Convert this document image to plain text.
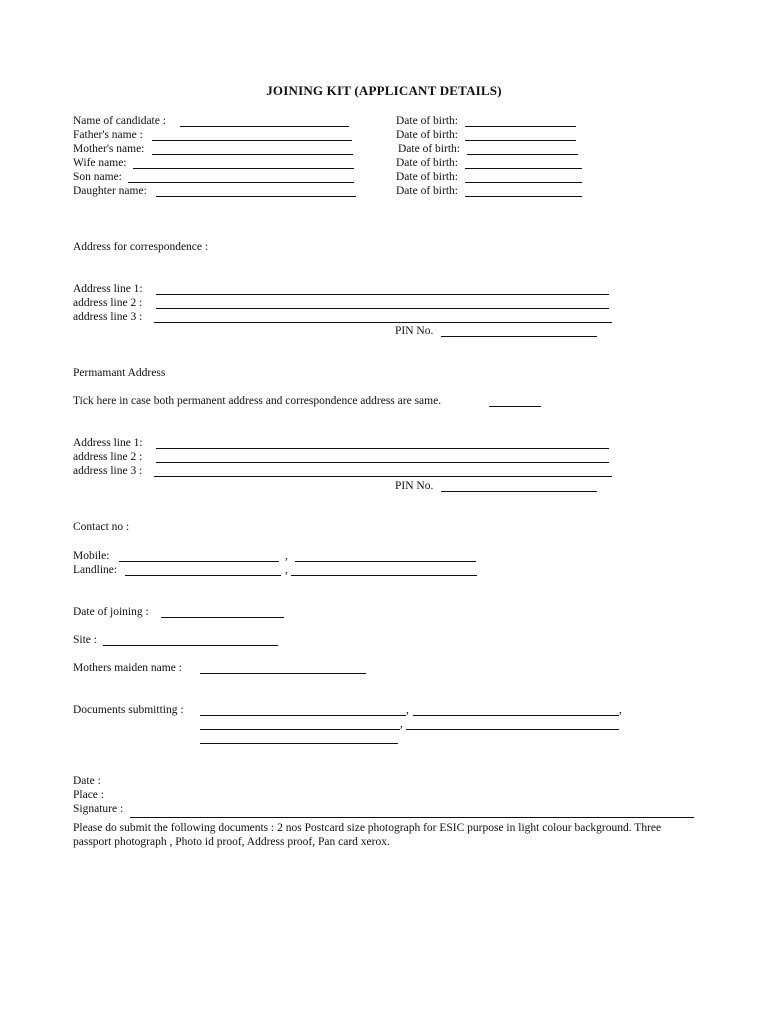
JOINING KIT (APPLICANT DETAILS)
Name of candidate :	Date of birth:
Father's name :	Date of birth:
Mother's name:	Date of birth:
Wife name:	Date of birth:
Son name:	Date of birth:
Daughter name:	Date of birth:
Address for correspondence :
Address line 1:
address line 2 :
address line 3 :
PIN No.
Permamant Address
Tick here in case both permanent address and correspondence address are same.
Address line 1:
address line 2 :
address line 3 :
PIN No.
Contact no :
Mobile:	,
Landline:	,
Date of joining :
Site :
Mothers maiden name :
Documents submitting :	,	,
,
Date :
Place :
Signature :
Please do submit the following documents : 2 nos Postcard size photograph for ESIC purpose in light colour background. Three passport photograph , Photo id proof, Address proof, Pan card xerox.
